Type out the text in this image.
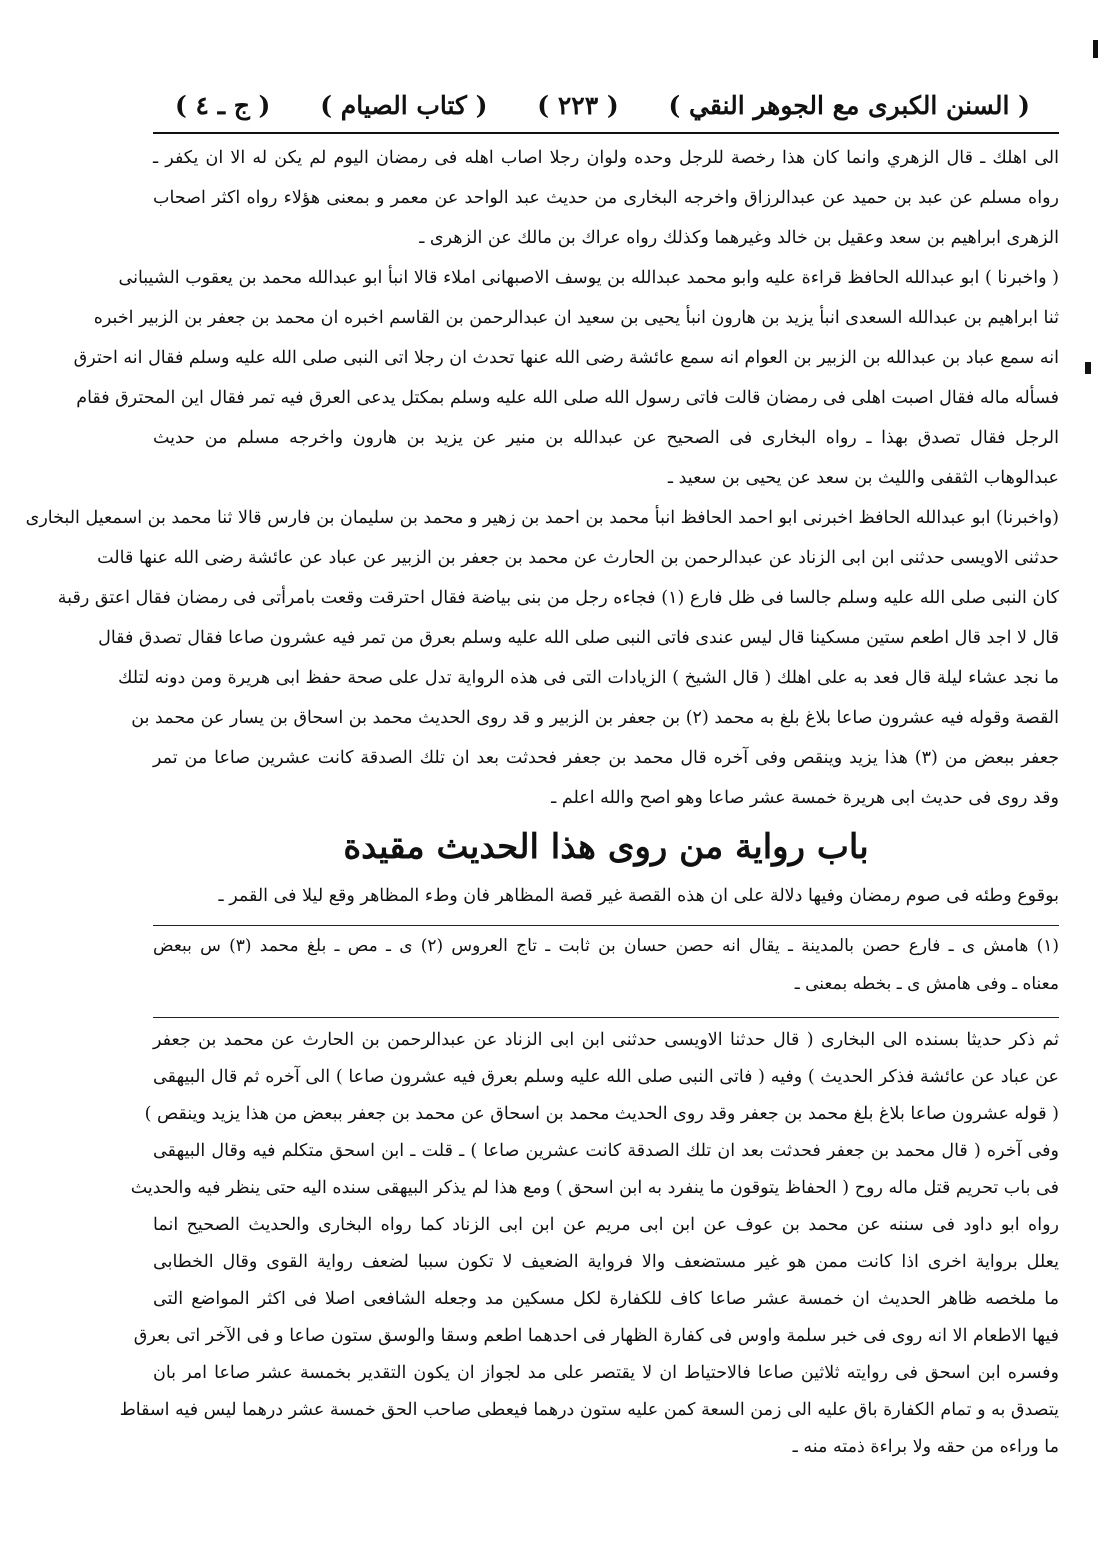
( السنن الكبرى مع الجوهر النقي )
( ٢٢٣ )
( كتاب الصيام )
( ج ـ ٤ )
الى اهلك ـ قال الزهري وانما كان هذا رخصة للرجل وحده ولوان رجلا اصاب اهله فى رمضان اليوم لم يكن له الا ان يكفر ـ
رواه مسلم عن عبد بن حميد عن عبدالرزاق واخرجه البخارى من حديث عبد الواحد عن معمر و بمعنى هؤلاء رواه اكثر اصحاب
الزهرى ابراهيم بن سعد وعقيل بن خالد وغيرهما وكذلك رواه عراك بن مالك عن الزهرى ـ
( واخبرنا ) ابو عبدالله الحافظ قراءة عليه وابو محمد عبدالله بن يوسف الاصبهانى املاء قالا انبأ ابو عبدالله محمد بن يعقوب الشيبانى
ثنا ابراهيم بن عبدالله السعدى انبأ يزيد بن هارون انبأ يحيى بن سعيد ان عبدالرحمن بن القاسم اخبره ان محمد بن جعفر بن الزبير اخبره
انه سمع عباد بن عبدالله بن الزبير بن العوام انه سمع عائشة رضى الله عنها تحدث ان رجلا اتى النبى صلى الله عليه وسلم فقال انه احترق
فسأله ماله فقال اصبت اهلى فى رمضان قالت فاتى رسول الله صلى الله عليه وسلم بمكتل يدعى العرق فيه تمر فقال اين المحترق فقام
الرجل فقال تصدق بهذا ـ رواه البخارى فى الصحيح عن عبدالله بن منير عن يزيد بن هارون واخرجه مسلم من حديث
عبدالوهاب الثقفى والليث بن سعد عن يحيى بن سعيد ـ
(واخبرنا) ابو عبدالله الحافظ اخبرنى ابو احمد الحافظ انبأ محمد بن احمد بن زهير و محمد بن سليمان بن فارس قالا ثنا محمد بن اسمعيل البخارى
حدثنى الاويسى حدثنى ابن ابى الزناد عن عبدالرحمن بن الحارث عن محمد بن جعفر بن الزبير عن عباد عن عائشة رضى الله عنها قالت
كان النبى صلى الله عليه وسلم جالسا فى ظل فارع (١) فجاءه رجل من بنى بياضة فقال احترقت وقعت بامرأتى فى رمضان فقال اعتق رقبة
قال لا اجد قال اطعم ستين مسكينا قال ليس عندى فاتى النبى صلى الله عليه وسلم بعرق من تمر فيه عشرون صاعا فقال تصدق فقال
ما نجد عشاء ليلة قال فعد به على اهلك ( قال الشيخ ) الزيادات التى فى هذه الرواية تدل على صحة حفظ ابى هريرة ومن دونه لتلك
القصة وقوله فيه عشرون صاعا بلاغ بلغ به محمد (٢) بن جعفر بن الزبير و قد روى الحديث محمد بن اسحاق بن يسار عن محمد بن
جعفر ببعض من (٣) هذا يزيد وينقص وفى آخره قال محمد بن جعفر فحدثت بعد ان تلك الصدقة كانت عشرين صاعا من تمر
وقد روى فى حديث ابى هريرة خمسة عشر صاعا وهو اصح والله اعلم ـ
باب رواية من روى هذا الحديث مقيدة
بوقوع وطئه فى صوم رمضان وفيها دلالة على ان هذه القصة غير قصة المظاهر فان وطء المظاهر وقع ليلا فى القمر ـ
(١) هامش ى ـ فارع حصن بالمدينة ـ يقال انه حصن حسان بن ثابت ـ تاج العروس (٢) ى ـ مص ـ بلغ محمد (٣) س ببعض
معناه ـ وفى هامش ى ـ بخطه بمعنى ـ
ثم ذكر حديثا بسنده الى البخارى ( قال حدثنا الاويسى حدثنى ابن ابى الزناد عن عبدالرحمن بن الحارث عن محمد بن جعفر
عن عباد عن عائشة فذكر الحديث ) وفيه ( فاتى النبى صلى الله عليه وسلم بعرق فيه عشرون صاعا ) الى آخره ثم قال البيهقى
( قوله عشرون صاعا بلاغ بلغ محمد بن جعفر وقد روى الحديث محمد بن اسحاق عن محمد بن جعفر ببعض من هذا يزيد وينقص )
وفى آخره ( قال محمد بن جعفر فحدثت بعد ان تلك الصدقة كانت عشرين صاعا ) ـ قلت ـ ابن اسحق متكلم فيه وقال البيهقى
فى باب تحريم قتل ماله روح ( الحفاظ يتوقون ما ينفرد به ابن اسحق ) ومع هذا لم يذكر البيهقى سنده اليه حتى ينظر فيه والحديث
رواه ابو داود فى سننه عن محمد بن عوف عن ابن ابى مريم عن ابن ابى الزناد كما رواه البخارى والحديث الصحيح انما
يعلل برواية اخرى اذا كانت ممن هو غير مستضعف والا فرواية الضعيف لا تكون سببا لضعف رواية القوى وقال الخطابى
ما ملخصه ظاهر الحديث ان خمسة عشر صاعا كاف للكفارة لكل مسكين مد وجعله الشافعى اصلا فى اكثر المواضع التى
فيها الاطعام الا انه روى فى خبر سلمة واوس فى كفارة الظهار فى احدهما اطعم وسقا والوسق ستون صاعا و فى الآخر اتى بعرق
وفسره ابن اسحق فى روايته ثلاثين صاعا فالاحتياط ان لا يقتصر على مد لجواز ان يكون التقدير بخمسة عشر صاعا امر بان
يتصدق به و تمام الكفارة باق عليه الى زمن السعة كمن عليه ستون درهما فيعطى صاحب الحق خمسة عشر درهما ليس فيه اسقاط
ما وراءه من حقه ولا براءة ذمته منه ـ
